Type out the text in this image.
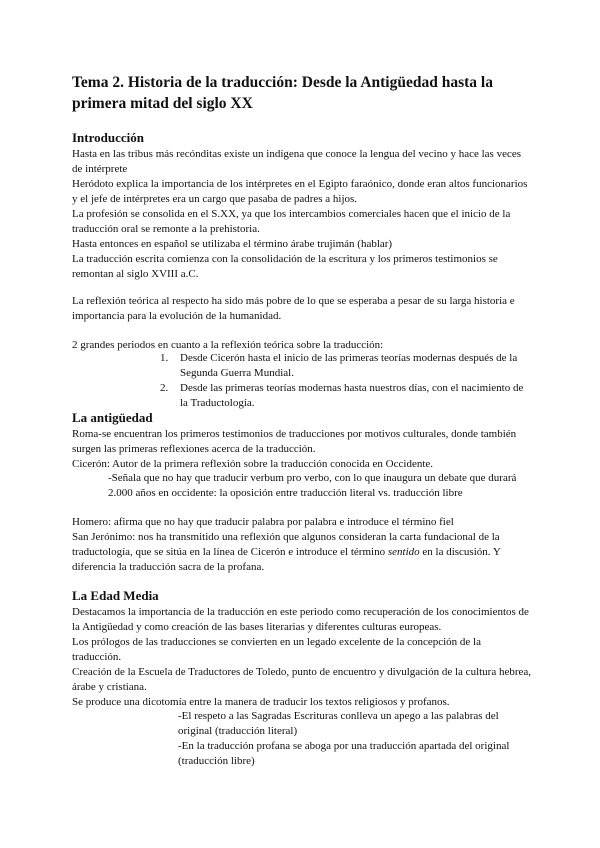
Tema 2. Historia de la traducción: Desde la Antigüedad hasta la primera mitad del siglo XX
Introducción

Hasta en las tribus más recónditas existe un indígena que conoce la lengua del vecino y hace las veces de intérprete

Heródoto explica la importancia de los intérpretes en el Egipto faraónico, donde eran altos funcionarios y el jefe de intérpretes era un cargo que pasaba de padres a hijos.

La profesión se consolida en el S.XX, ya que los intercambios comerciales hacen que el inicio de la traducción oral se remonte a la prehistoria.

Hasta entonces en español se utilizaba el término árabe trujimán (hablar)

La traducción escrita comienza con la consolidación de la escritura y los primeros testimonios se remontan al siglo XVIII a.C.

La reflexión teórica al respecto ha sido más pobre de lo que se esperaba a pesar de su larga historia e importancia para la evolución de la humanidad.
2 grandes periodos en cuanto a la reflexión teórica sobre la traducción:
1. Desde Cicerón hasta el inicio de las primeras teorías modernas después de la Segunda Guerra Mundial.
2. Desde las primeras teorías modernas hasta nuestros días, con el nacimiento de la Traductología.
La antigüedad

Roma-se encuentran los primeros testimonios de traducciones por motivos culturales, donde también surgen las primeras reflexiones acerca de la traducción.

Cicerón: Autor de la primera reflexión sobre la traducción conocida en Occidente.

-Señala que no hay que traducir verbum pro verbo, con lo que inaugura un debate que durará 2.000 años en occidente: la oposición entre traducción literal vs. traducción libre

Homero: afirma que no hay que traducir palabra por palabra e introduce el término fiel

San Jerónimo: nos ha transmitido una reflexión que algunos consideran la carta fundacional de la traductología, que se sitúa en la línea de Cicerón e introduce el término sentido en la discusión. Y diferencia la traducción sacra de la profana.

La Edad Media

Destacamos la importancia de la traducción en este periodo como recuperación de los conocimientos de la Antigüedad y como creación de las bases literarias y diferentes culturas europeas.

Los prólogos de las traducciones se convierten en un legado excelente de la concepción de la traducción.

Creación de la Escuela de Traductores de Toledo, punto de encuentro y divulgación de la cultura hebrea, árabe y cristiana.

Se produce una dicotomía entre la manera de traducir los textos religiosos y profanos.

-El respeto a las Sagradas Escrituras conlleva un apego a las palabras del original (traducción literal)
-En la traducción profana se aboga por una traducción apartada del original (traducción libre)
